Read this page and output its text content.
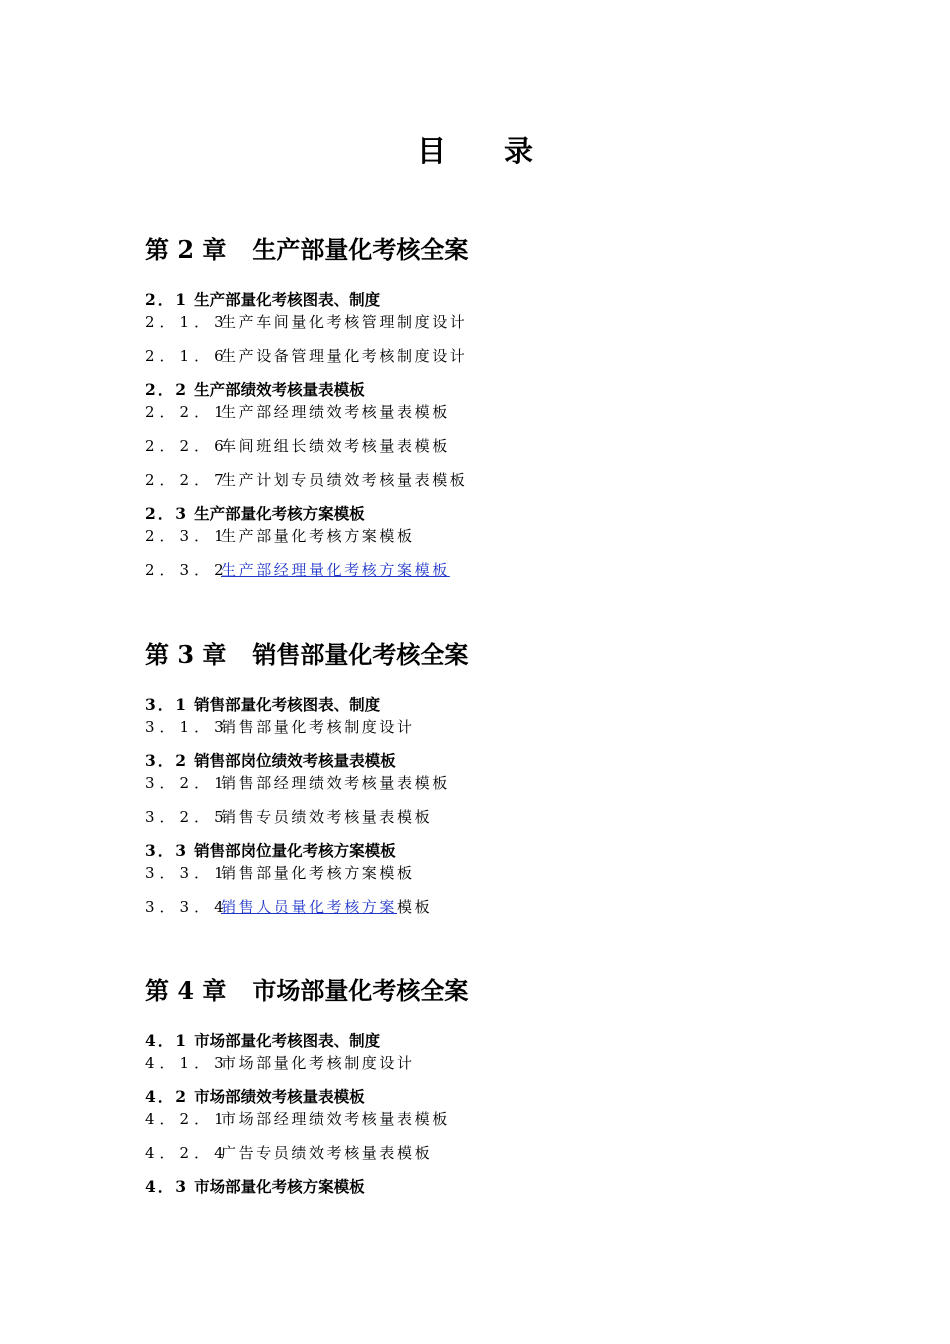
目 录
第 2 章 生产部量化考核全案
2．1 生产部量化考核图表、制度
2．1．3生产车间量化考核管理制度设计
2．1．6生产设备管理量化考核制度设计
2．2 生产部绩效考核量表模板
2．2．1生产部经理绩效考核量表模板
2．2．6车间班组长绩效考核量表模板
2．2．7生产计划专员绩效考核量表模板
2．3 生产部量化考核方案模板
2．3．1生产部量化考核方案模板
2．3．2生产部经理量化考核方案模板
第 3 章 销售部量化考核全案
3．1 销售部量化考核图表、制度
3．1．3销售部量化考核制度设计
3．2 销售部岗位绩效考核量表模板
3．2．1销售部经理绩效考核量表模板
3．2．5销售专员绩效考核量表模板
3．3 销售部岗位量化考核方案模板
3．3．1销售部量化考核方案模板
3．3．4销售人员量化考核方案模板
第 4 章 市场部量化考核全案
4．1 市场部量化考核图表、制度
4．1．3市场部量化考核制度设计
4．2 市场部绩效考核量表模板
4．2．1市场部经理绩效考核量表模板
4．2．4广告专员绩效考核量表模板
4．3 市场部量化考核方案模板
